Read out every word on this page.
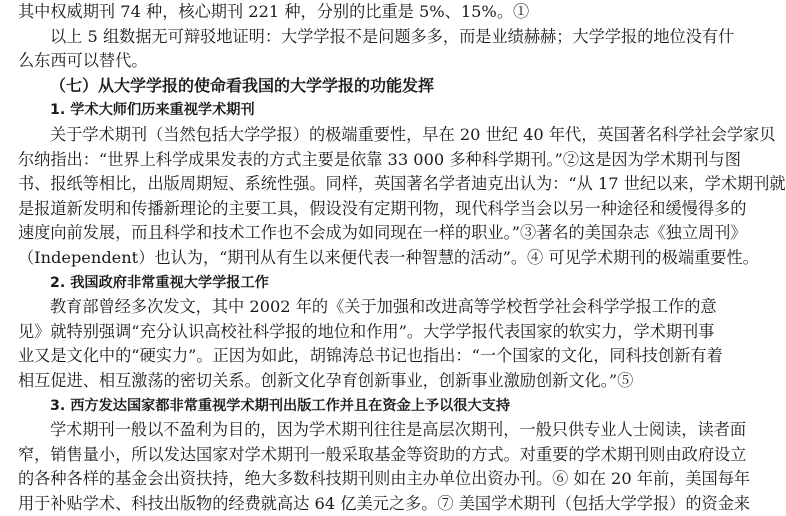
其中权威期刊 74 种，核心期刊 221 种，分别的比重是 5%、15%。①
以上 5 组数据无可辩驳地证明：大学学报不是问题多多，而是业绩赫赫；大学学报的地位没有什
么东西可以替代。
（七）从大学学报的使命看我国的大学学报的功能发挥
1. 学术大师们历来重视学术期刊
关于学术期刊（当然包括大学学报）的极端重要性，早在 20 世纪 40 年代，英国著名科学社会学家贝
尔纳指出：“世界上科学成果发表的方式主要是依靠 33 000 多种科学期刊。”②这是因为学术期刊与图
书、报纸等相比，出版周期短、系统性强。同样，英国著名学者迪克出认为：“从 17 世纪以来，学术期刊就
是报道新发明和传播新理论的主要工具，假设没有定期刊物，现代科学当会以另一种途径和缓慢得多的
速度向前发展，而且科学和技术工作也不会成为如同现在一样的职业。”③著名的美国杂志《独立周刊》
（Independent）也认为，“期刊从有生以来便代表一种智慧的活动”。④ 可见学术期刊的极端重要性。
2. 我国政府非常重视大学学报工作
教育部曾经多次发文，其中 2002 年的《关于加强和改进高等学校哲学社会科学学报工作的意
见》就特别强调“充分认识高校社科学报的地位和作用”。大学学报代表国家的软实力，学术期刊事
业又是文化中的“硬实力”。正因为如此，胡锦涛总书记也指出：“一个国家的文化，同科技创新有着
相互促进、相互激荡的密切关系。创新文化孕育创新事业，创新事业激励创新文化。”⑤
3. 西方发达国家都非常重视学术期刊出版工作并且在资金上予以很大支持
学术期刊一般以不盈利为目的，因为学术期刊往往是高层次期刊，一般只供专业人士阅读，读者面
窄，销售量小，所以发达国家对学术期刊一般采取基金等资助的方式。对重要的学术期刊则由政府设立
的各种各样的基金会出资扶持，绝大多数科技期刊则由主办单位出资办刊。⑥ 如在 20 年前，美国每年
用于补贴学术、科技出版物的经费就高达 64 亿美元之多。⑦ 美国学术期刊（包括大学学报）的资金来
